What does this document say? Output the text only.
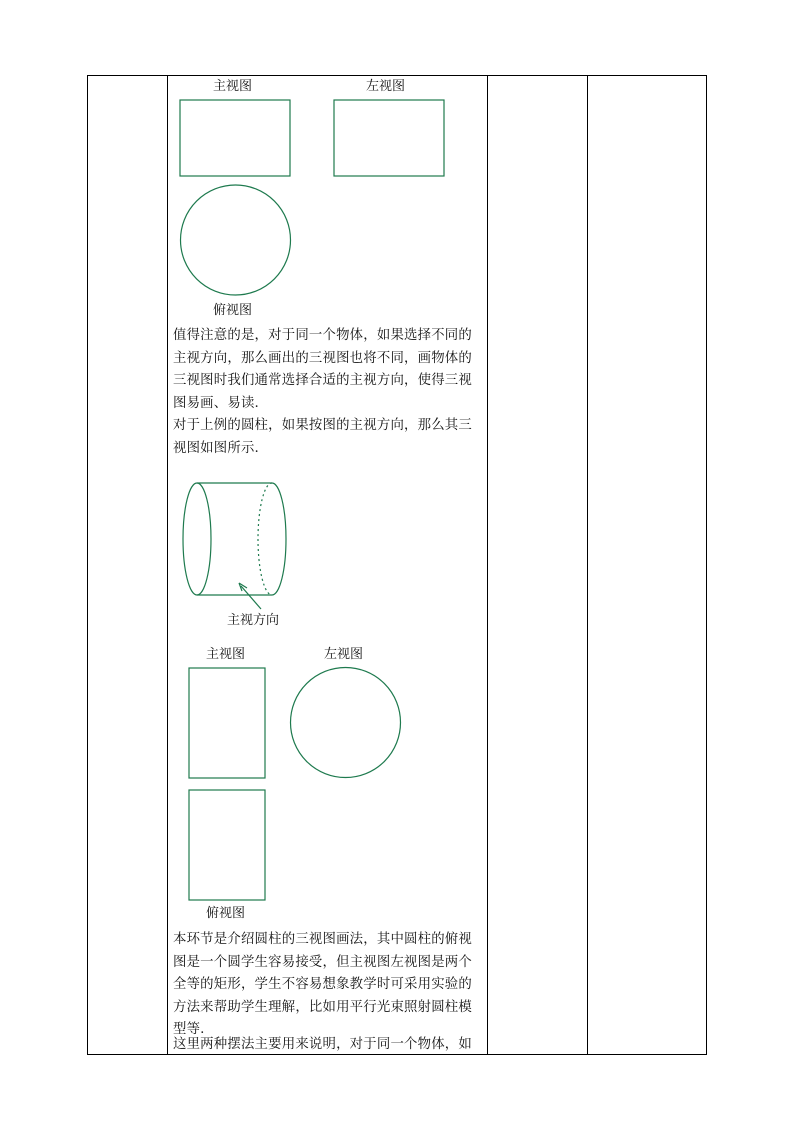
主视图	左视图
俯视图
值得注意的是，对于同一个物体，如果选择不同的
主视方向，那么画出的三视图也将不同，画物体的
三视图时我们通常选择合适的主视方向，使得三视
图易画、易读.
对于上例的圆柱，如果按图的主视方向，那么其三
视图如图所示.
主视方向
主视图	左视图
俯视图
本环节是介绍圆柱的三视图画法，其中圆柱的俯视
图是一个圆学生容易接受，但主视图左视图是两个
全等的矩形，学生不容易想象教学时可采用实验的
方法来帮助学生理解，比如用平行光束照射圆柱模
型等.
这里两种摆法主要用来说明，对于同一个物体，如
